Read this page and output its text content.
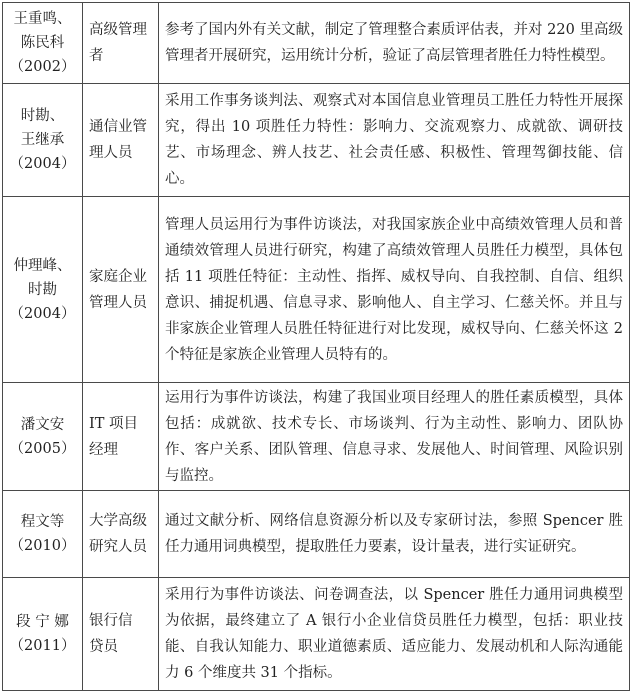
王重鸣、
陈民科
（2002）	高级管理
者	参考了国内外有关文献，制定了管理整合素质评估表，并对 220 里高级管理者开展研究，运用统计分析，验证了高层管理者胜任力特性模型。

时勘、
王继承
（2004）	通信业管
理人员	采用工作事务谈判法、观察式对本国信息业管理员工胜任力特性开展探究，得出 10 项胜任力特性：影响力、交流观察力、成就欲、调研技艺、市场理念、辨人技艺、社会责任感、积极性、管理驾御技能、信心。

仲理峰、
时勘
（2004）	家庭企业
管理人员	管理人员运用行为事件访谈法，对我国家族企业中高绩效管理人员和普通绩效管理人员进行研究，构建了高绩效管理人员胜任力模型，具体包括 11 项胜任特征：主动性、指挥、威权导向、自我控制、自信、组织意识、捕捉机遇、信息寻求、影响他人、自主学习、仁慈关怀。并且与非家族企业管理人员胜任特征进行对比发现，威权导向、仁慈关怀这 2 个特征是家族企业管理人员特有的。

潘文安
（2005）	IT 项目
经理	运用行为事件访谈法，构建了我国业项目经理人的胜任素质模型，具体包括：成就欲、技术专长、市场谈判、行为主动性、影响力、团队协作、客户关系、团队管理、信息寻求、发展他人、时间管理、风险识别与监控。

程文等
（2010）	大学高级
研究人员	通过文献分析、网络信息资源分析以及专家研讨法，参照 Spencer 胜任力通用词典模型，提取胜任力要素，设计量表，进行实证研究。

段 宁 娜
（2011）	银行信
贷员	采用行为事件访谈法、问卷调查法，以 Spencer 胜任力通用词典模型为依据，最终建立了 A 银行小企业信贷员胜任力模型，包括：职业技能、自我认知能力、职业道德素质、适应能力、发展动机和人际沟通能力 6 个维度共 31 个指标。
